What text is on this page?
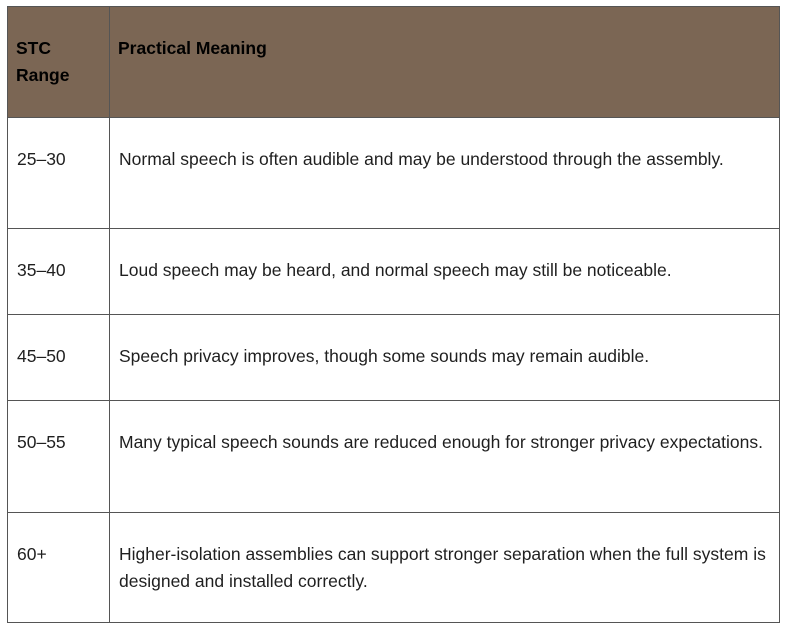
STC Range	Practical Meaning
25–30	Normal speech is often audible and may be understood through the assembly.
35–40	Loud speech may be heard, and normal speech may still be noticeable.
45–50	Speech privacy improves, though some sounds may remain audible.
50–55	Many typical speech sounds are reduced enough for stronger privacy expectations.
60+	Higher-isolation assemblies can support stronger separation when the full system is designed and installed correctly.
